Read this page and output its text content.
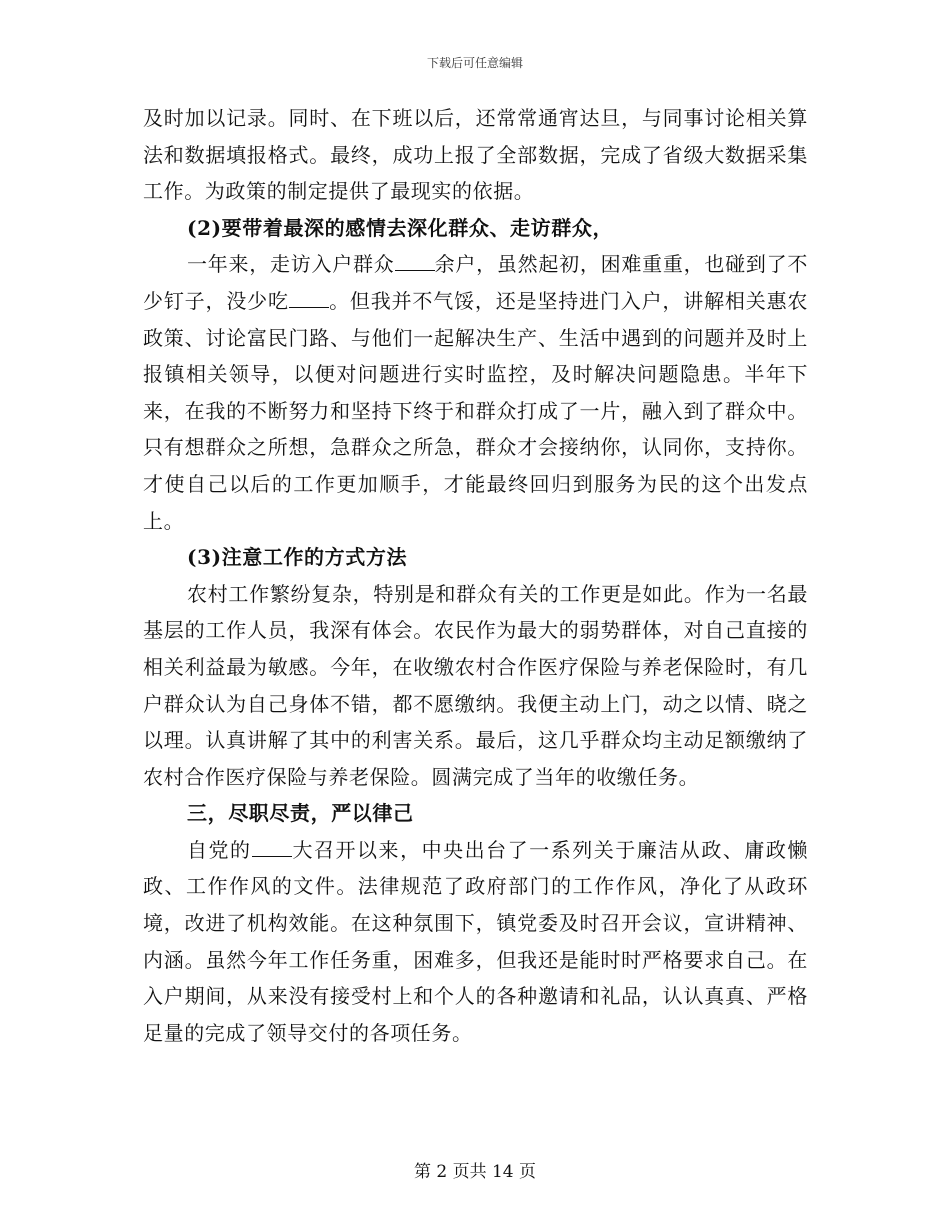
下载后可任意编辑

及时加以记录。同时、在下班以后，还常常通宵达旦，与同事讨论相关算法和数据填报格式。最终，成功上报了全部数据，完成了省级大数据采集工作。为政策的制定提供了最现实的依据。

(2)要带着最深的感情去深化群众、走访群众，

一年来，走访入户群众 余户，虽然起初，困难重重，也碰到了不少钉子，没少吃 。但我并不气馁，还是坚持进门入户，讲解相关惠农政策、讨论富民门路、与他们一起解决生产、生活中遇到的问题并及时上报镇相关领导，以便对问题进行实时监控，及时解决问题隐患。半年下来，在我的不断努力和坚持下终于和群众打成了一片，融入到了群众中。只有想群众之所想，急群众之所急，群众才会接纳你，认同你，支持你。才使自己以后的工作更加顺手，才能最终回归到服务为民的这个出发点上。

(3)注意工作的方式方法

农村工作繁纷复杂，特别是和群众有关的工作更是如此。作为一名最基层的工作人员，我深有体会。农民作为最大的弱势群体，对自己直接的相关利益最为敏感。今年，在收缴农村合作医疗保险与养老保险时，有几户群众认为自己身体不错，都不愿缴纳。我便主动上门，动之以情、晓之以理。认真讲解了其中的利害关系。最后，这几乎群众均主动足额缴纳了农村合作医疗保险与养老保险。圆满完成了当年的收缴任务。

三，尽职尽责，严以律己

自党的 大召开以来，中央出台了一系列关于廉洁从政、庸政懒政、工作作风的文件。法律规范了政府部门的工作作风，净化了从政环境，改进了机构效能。在这种氛围下，镇党委及时召开会议，宣讲精神、内涵。虽然今年工作任务重，困难多，但我还是能时时严格要求自己。在入户期间，从来没有接受村上和个人的各种邀请和礼品，认认真真、严格足量的完成了领导交付的各项任务。

第 2 页共 14 页
